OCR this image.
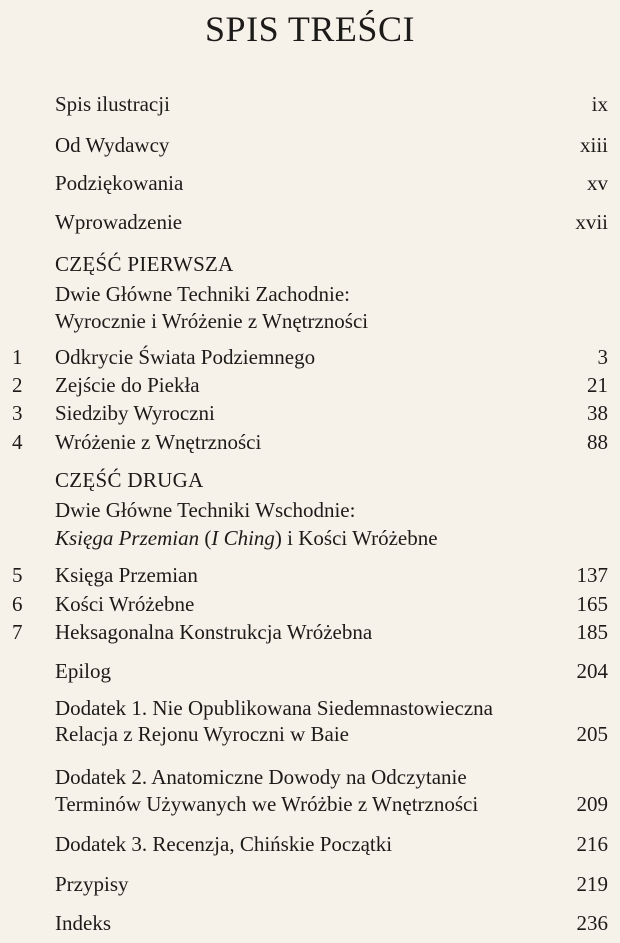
SPIS TREŚCI
Spis ilustracji	ix
Od Wydawcy	xiii
Podziękowania	xv
Wprowadzenie	xvii
CZĘŚĆ PIERWSZA
Dwie Główne Techniki Zachodnie:
Wyrocznie i Wróżenie z Wnętrzności
1	Odkrycie Świata Podziemnego	3
2	Zejście do Piekła	21
3	Siedziby Wyroczni	38
4	Wróżenie z Wnętrzności	88
CZĘŚĆ DRUGA
Dwie Główne Techniki Wschodnie:
Księga Przemian (I Ching) i Kości Wróżebne
5	Księga Przemian	137
6	Kości Wróżebne	165
7	Heksagonalna Konstrukcja Wróżebna	185
Epilog	204
Dodatek 1. Nie Opublikowana Siedemnastowieczna
Relacja z Rejonu Wyroczni w Baie	205
Dodatek 2. Anatomiczne Dowody na Odczytanie
Terminów Używanych we Wróżbie z Wnętrzności	209
Dodatek 3. Recenzja, Chińskie Początki	216
Przypisy	219
Indeks	236
